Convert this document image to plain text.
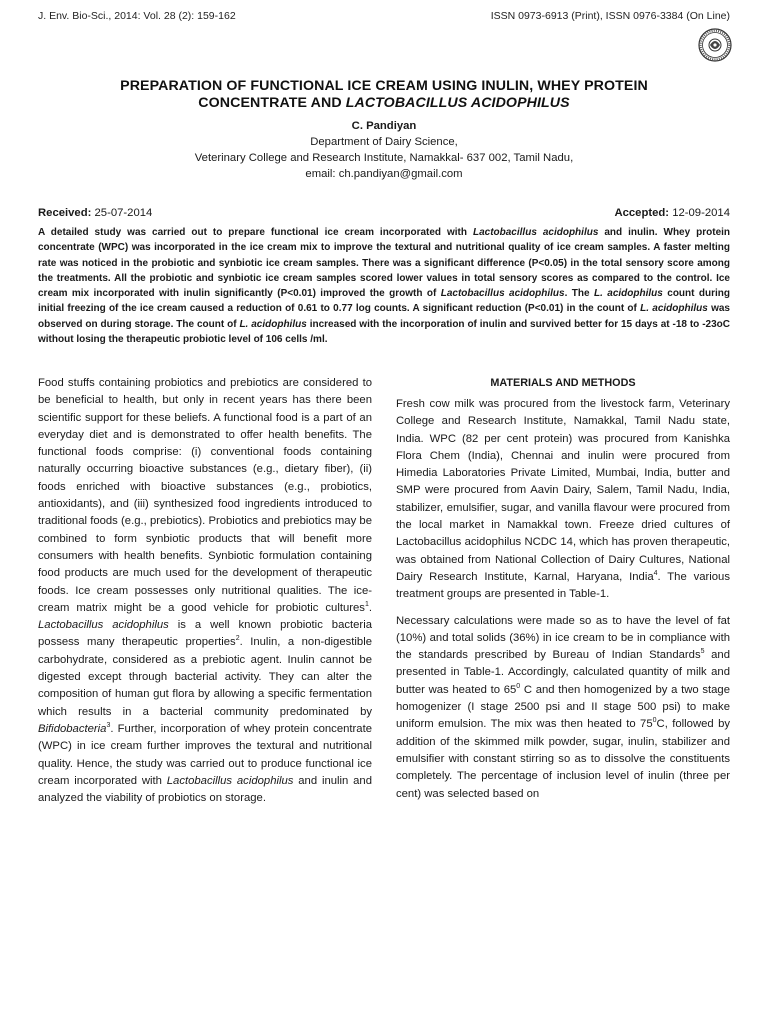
J. Env. Bio-Sci., 2014: Vol. 28 (2): 159-162	ISSN 0973-6913 (Print), ISSN 0976-3384 (On Line)
PREPARATION OF FUNCTIONAL ICE CREAM USING INULIN, WHEY PROTEIN
CONCENTRATE AND LACTOBACILLUS ACIDOPHILUS
C. Pandiyan
Department of Dairy Science,
Veterinary College and Research Institute, Namakkal- 637 002, Tamil Nadu,
email: ch.pandiyan@gmail.com
Received: 25-07-2014	Accepted: 12-09-2014

A detailed study was carried out to prepare functional ice cream incorporated with Lactobacillus acidophilus and inulin. Whey protein concentrate (WPC) was incorporated in the ice cream mix to improve the textural and nutritional quality of ice cream samples. A faster melting rate was noticed in the probiotic and synbiotic ice cream samples. There was a significant difference (P<0.05) in the total sensory score among the treatments. All the probiotic and synbiotic ice cream samples scored lower values in total sensory scores as compared to the control. Ice cream mix incorporated with inulin significantly (P<0.01) improved the growth of Lactobacillus acidophilus. The L. acidophilus count during initial freezing of the ice cream caused a reduction of 0.61 to 0.77 log counts. A significant reduction (P<0.01) in the count of L. acidophilus was observed on during storage. The count of L. acidophilus increased with the incorporation of inulin and survived better for 15 days at -18 to -23oC without losing the therapeutic probiotic level of 106 cells /ml.

Food stuffs containing probiotics and prebiotics are considered to be beneficial to health, but only in recent years has there been scientific support for these beliefs. A functional food is a part of an everyday diet and is demonstrated to offer health benefits. The functional foods comprise: (i) conventional foods containing naturally occurring bioactive substances (e.g., dietary fiber), (ii) foods enriched with bioactive substances (e.g., probiotics, antioxidants), and (iii) synthesized food ingredients introduced to traditional foods (e.g., prebiotics). Probiotics and prebiotics may be combined to form synbiotic products that will benefit more consumers with health benefits. Synbiotic formulation containing food products are much used for the development of therapeutic foods. Ice cream possesses only nutritional qualities. The ice-cream matrix might be a good vehicle for probiotic cultures$^1$. Lactobacillus acidophilus is a well known probiotic bacteria possess many therapeutic properties$^2$. Inulin, a non-digestible carbohydrate, considered as a prebiotic agent. Inulin cannot be digested except through bacterial activity. They can alter the composition of human gut flora by allowing a specific fermentation which results in a bacterial community predominated by Bifidobacteria$^3$. Further, incorporation of whey protein concentrate (WPC) in ice cream further improves the textural and nutritional quality. Hence, the study was carried out to produce functional ice cream incorporated with Lactobacillus acidophilus and inulin and analyzed the viability of probiotics on storage.

MATERIALS AND METHODS

Fresh cow milk was procured from the livestock farm, Veterinary College and Research Institute, Namakkal, Tamil Nadu state, India. WPC (82 per cent protein) was procured from Kanishka Flora Chem (India), Chennai and inulin were procured from Himedia Laboratories Private Limited, Mumbai, India, butter and SMP were procured from Aavin Dairy, Salem, Tamil Nadu, India, stabilizer, emulsifier, sugar, and vanilla flavour were procured from the local market in Namakkal town. Freeze dried cultures of Lactobacillus acidophilus NCDC 14, which has proven therapeutic, was obtained from National Collection of Dairy Cultures, National Dairy Research Institute, Karnal, Haryana, India$^4$. The various treatment groups are presented in Table-1.

Necessary calculations were made so as to have the level of fat (10%) and total solids (36%) in ice cream to be in compliance with the standards prescribed by Bureau of Indian Standards$^5$ and presented in Table-1. Accordingly, calculated quantity of milk and butter was heated to $65^0$ C and then homogenized by a two stage homogenizer (I stage 2500 psi and II stage 500 psi) to make uniform emulsion. The mix was then heated to $75^0C$, followed by addition of the skimmed milk powder, sugar, inulin, stabilizer and emulsifier with constant stirring so as to dissolve the constituents completely. The percentage of inclusion level of inulin (three per cent) was selected based on
